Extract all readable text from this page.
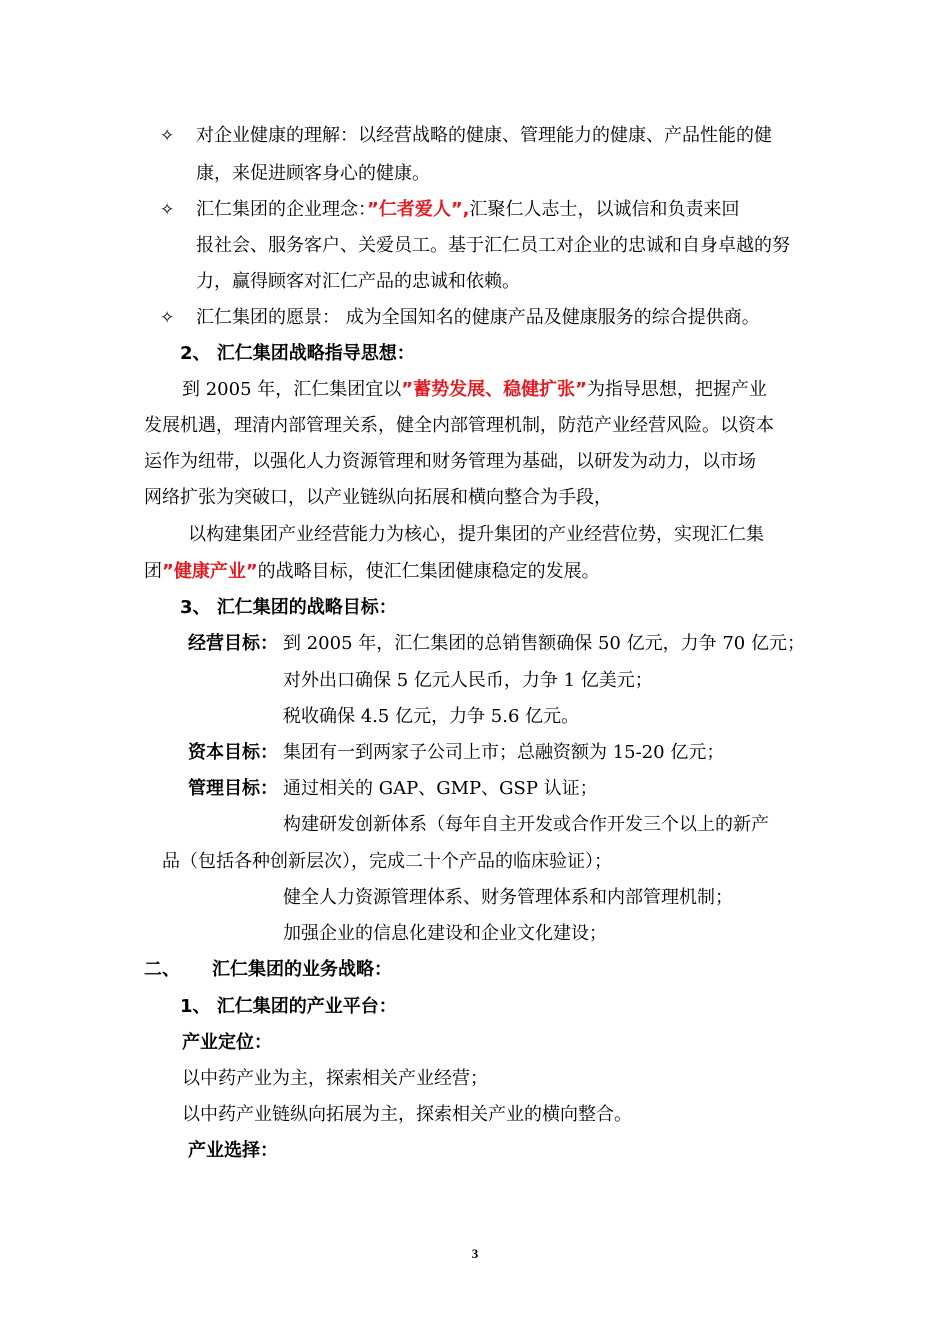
✧ 对企业健康的理解：以经营战略的健康、管理能力的健康、产品性能的健
康，来促进顾客身心的健康。
✧ 汇仁集团的企业理念：”仁者爱人”,汇聚仁人志士，以诚信和负责来回
报社会、服务客户、关爱员工。基于汇仁员工对企业的忠诚和自身卓越的努
力，赢得顾客对汇仁产品的忠诚和依赖。
✧ 汇仁集团的愿景： 成为全国知名的健康产品及健康服务的综合提供商。
2、 汇仁集团战略指导思想：
到 2005 年，汇仁集团宜以”蓄势发展、稳健扩张”为指导思想，把握产业
发展机遇，理清内部管理关系，健全内部管理机制，防范产业经营风险。以资本
运作为纽带，以强化人力资源管理和财务管理为基础，以研发为动力，以市场
网络扩张为突破口，以产业链纵向拓展和横向整合为手段，
以构建集团产业经营能力为核心，提升集团的产业经营位势，实现汇仁集
团”健康产业”的战略目标，使汇仁集团健康稳定的发展。
3、 汇仁集团的战略目标：
经营目标： 到 2005 年，汇仁集团的总销售额确保 50 亿元，力争 70 亿元；
对外出口确保 5 亿元人民币，力争 1 亿美元；
税收确保 4.5 亿元，力争 5.6 亿元。
资本目标： 集团有一到两家子公司上市；总融资额为 15-20 亿元；
管理目标： 通过相关的 GAP、GMP、GSP 认证；
构建研发创新体系（每年自主开发或合作开发三个以上的新产
品（包括各种创新层次），完成二十个产品的临床验证）；
健全人力资源管理体系、财务管理体系和内部管理机制；
加强企业的信息化建设和企业文化建设；
二、 汇仁集团的业务战略：
1、 汇仁集团的产业平台：
产业定位：
以中药产业为主，探索相关产业经营；
以中药产业链纵向拓展为主，探索相关产业的横向整合。
产业选择：
3
